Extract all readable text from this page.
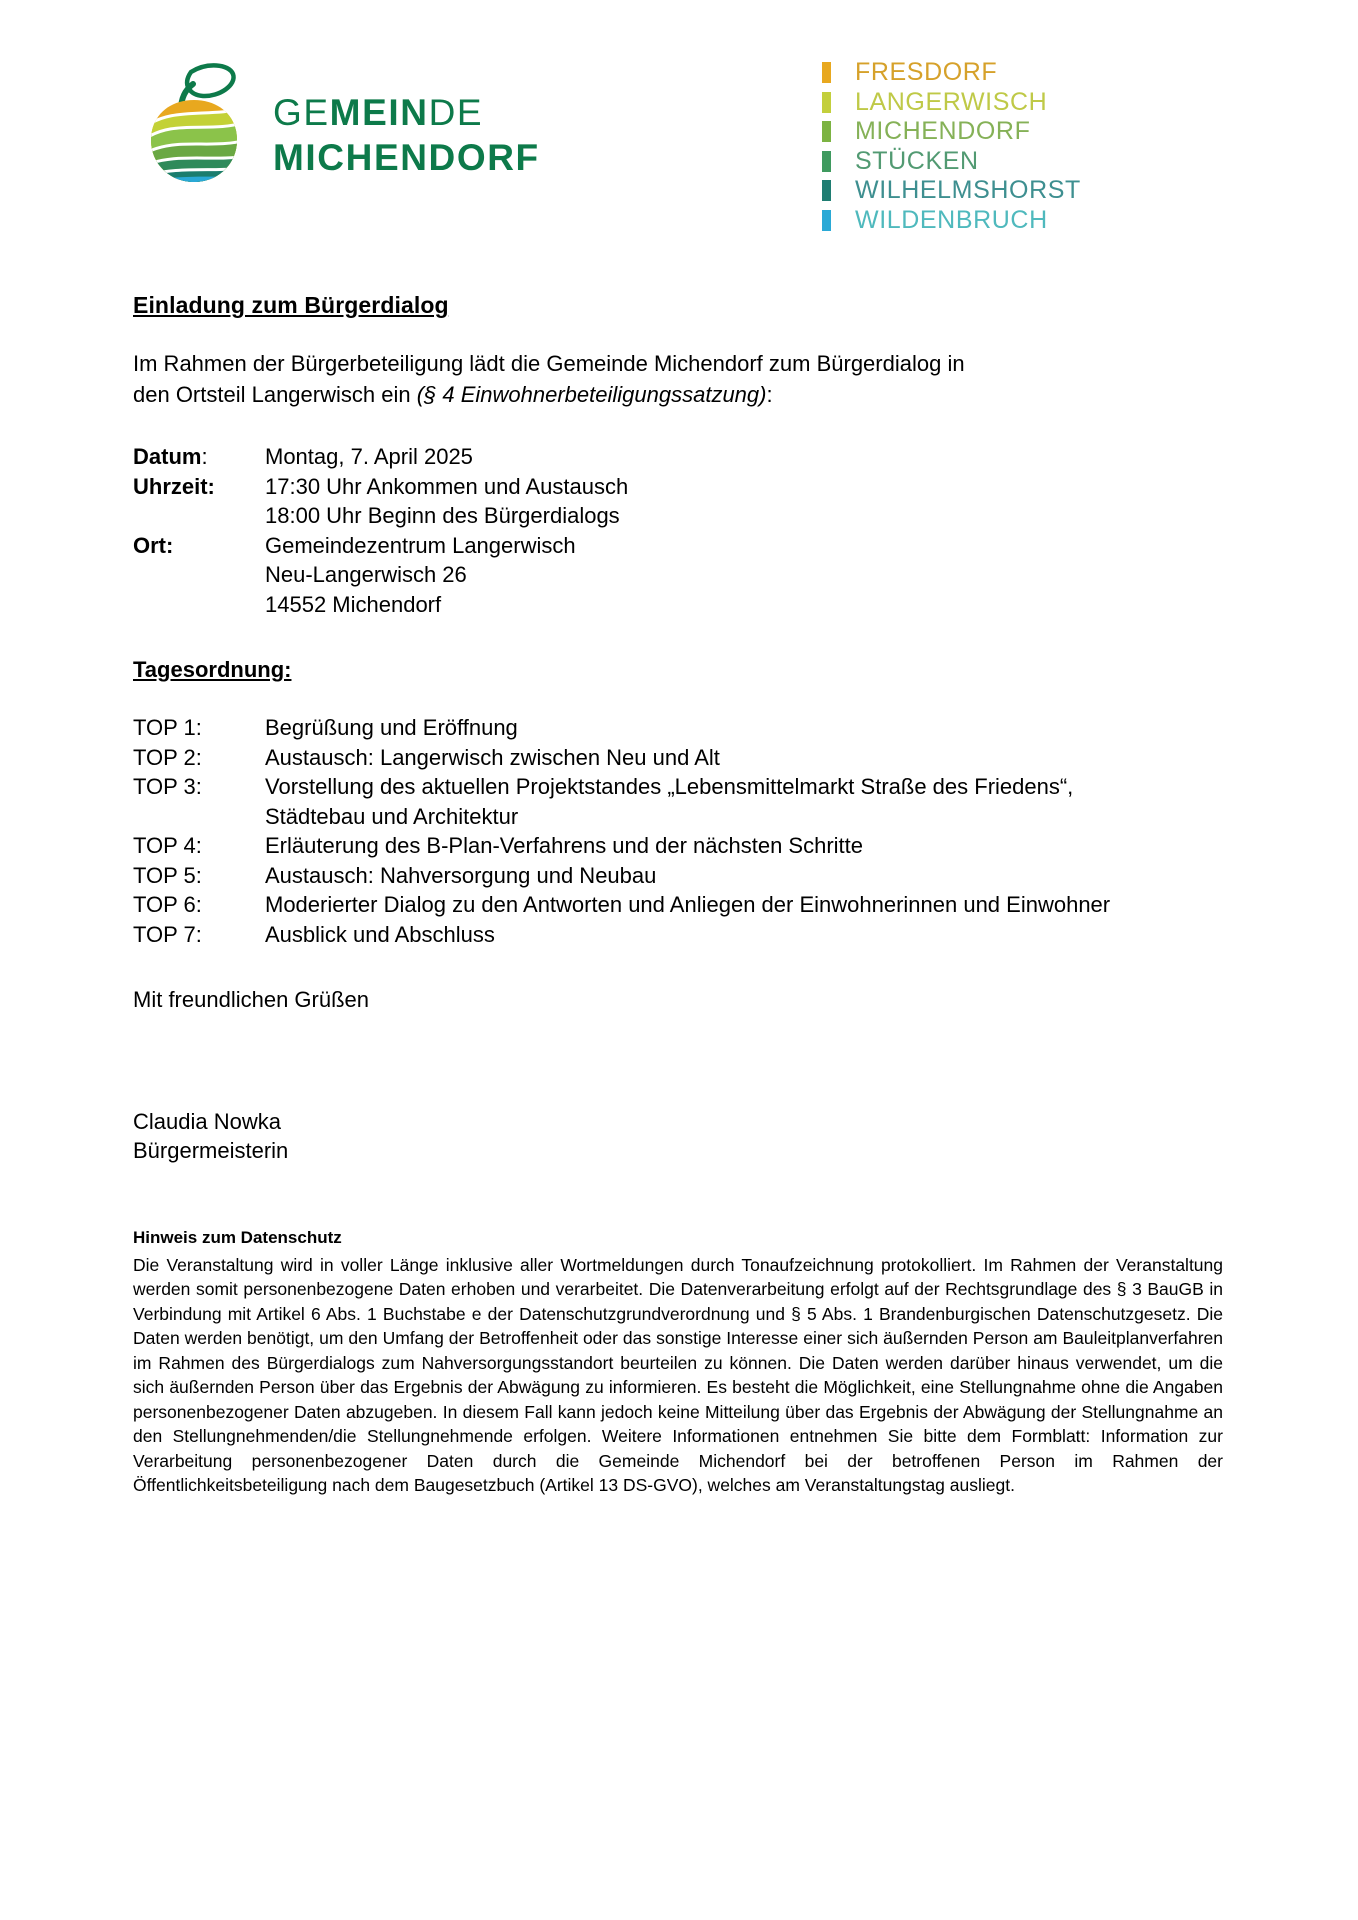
GEMEINDE
MICHENDORF
FRESDORF
LANGERWISCH
MICHENDORF
STÜCKEN
WILHELMSHORST
WILDENBRUCH
Einladung zum Bürgerdialog

Im Rahmen der Bürgerbeteiligung lädt die Gemeinde Michendorf zum Bürgerdialog in den Ortsteil Langerwisch ein (§ 4 Einwohnerbeteiligungssatzung):

Datum:	Montag, 7. April 2025
Uhrzeit:	17:30 Uhr Ankommen und Austausch
18:00 Uhr Beginn des Bürgerdialogs
Ort:	Gemeindezentrum Langerwisch
Neu-Langerwisch 26
14552 Michendorf
Tagesordnung:
TOP 1:	Begrüßung und Eröffnung
TOP 2:	Austausch: Langerwisch zwischen Neu und Alt
TOP 3:	Vorstellung des aktuellen Projektstandes „Lebensmittelmarkt Straße des Friedens“, Städtebau und Architektur
TOP 4:	Erläuterung des B-Plan-Verfahrens und der nächsten Schritte
TOP 5:	Austausch: Nahversorgung und Neubau
TOP 6:	Moderierter Dialog zu den Antworten und Anliegen der Einwohnerinnen und Einwohner
TOP 7:	Ausblick und Abschluss

Mit freundlichen Grüßen

Claudia Nowka
Bürgermeisterin
Hinweis zum Datenschutz

Die Veranstaltung wird in voller Länge inklusive aller Wortmeldungen durch Tonaufzeichnung protokolliert. Im Rahmen der Veranstaltung werden somit personenbezogene Daten erhoben und verarbeitet. Die Datenverarbeitung erfolgt auf der Rechtsgrundlage des § 3 BauGB in Verbindung mit Artikel 6 Abs. 1 Buchstabe e der Datenschutzgrundverordnung und § 5 Abs. 1 Brandenburgischen Datenschutzgesetz. Die Daten werden benötigt, um den Umfang der Betroffenheit oder das sonstige Interesse einer sich äußernden Person am Bauleitplanverfahren im Rahmen des Bürgerdialogs zum Nahversorgungsstandort beurteilen zu können. Die Daten werden darüber hinaus verwendet, um die sich äußernden Person über das Ergebnis der Abwägung zu informieren. Es besteht die Möglichkeit, eine Stellungnahme ohne die Angaben personenbezogener Daten abzugeben. In diesem Fall kann jedoch keine Mitteilung über das Ergebnis der Abwägung der Stellungnahme an den Stellungnehmenden/die Stellungnehmende erfolgen. Weitere Informationen entnehmen Sie bitte dem Formblatt: Information zur Verarbeitung personenbezogener Daten durch die Gemeinde Michendorf bei der betroffenen Person im Rahmen der Öffentlichkeitsbeteiligung nach dem Baugesetzbuch (Artikel 13 DS-GVO), welches am Veranstaltungstag ausliegt.
